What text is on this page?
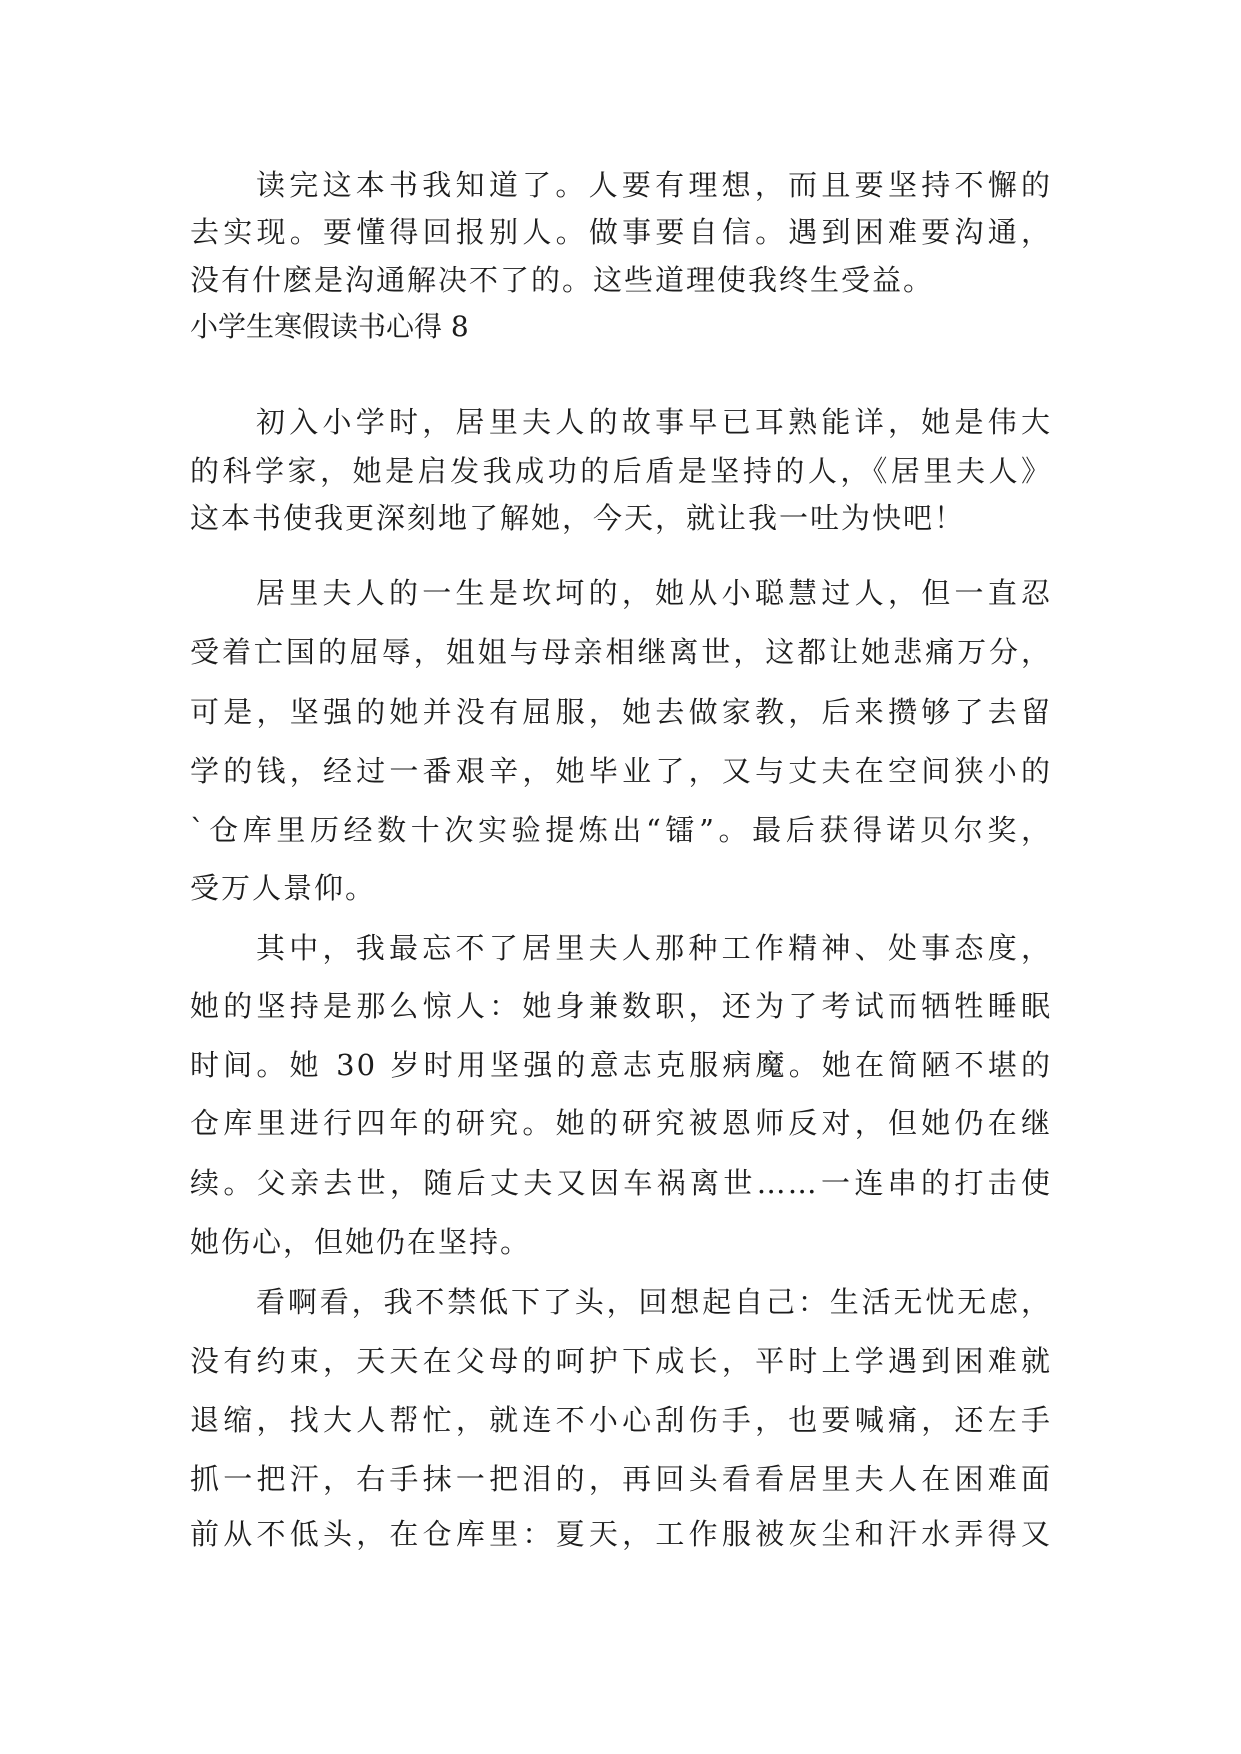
读完这本书我知道了。人要有理想，而且要坚持不懈的
去实现。要懂得回报别人。做事要自信。遇到困难要沟通，
没有什麽是沟通解决不了的。这些道理使我终生受益。
小学生寒假读书心得 8
初入小学时，居里夫人的故事早已耳熟能详，她是伟大
的科学家，她是启发我成功的后盾是坚持的人，《居里夫人》
这本书使我更深刻地了解她，今天，就让我一吐为快吧！
居里夫人的一生是坎坷的，她从小聪慧过人，但一直忍
受着亡国的屈辱，姐姐与母亲相继离世，这都让她悲痛万分，
可是，坚强的她并没有屈服，她去做家教，后来攒够了去留
学的钱，经过一番艰辛，她毕业了，又与丈夫在空间狭小的
`仓库里历经数十次实验提炼出“镭”。最后获得诺贝尔奖，
受万人景仰。
其中，我最忘不了居里夫人那种工作精神、处事态度，
她的坚持是那么惊人：她身兼数职，还为了考试而牺牲睡眠
时间。她 30 岁时用坚强的意志克服病魔。她在简陋不堪的
仓库里进行四年的研究。她的研究被恩师反对，但她仍在继
续。父亲去世，随后丈夫又因车祸离世……一连串的打击使
她伤心，但她仍在坚持。
看啊看，我不禁低下了头，回想起自己：生活无忧无虑，
没有约束，天天在父母的呵护下成长，平时上学遇到困难就
退缩，找大人帮忙，就连不小心刮伤手，也要喊痛，还左手
抓一把汗，右手抹一把泪的，再回头看看居里夫人在困难面
前从不低头，在仓库里：夏天，工作服被灰尘和汗水弄得又
